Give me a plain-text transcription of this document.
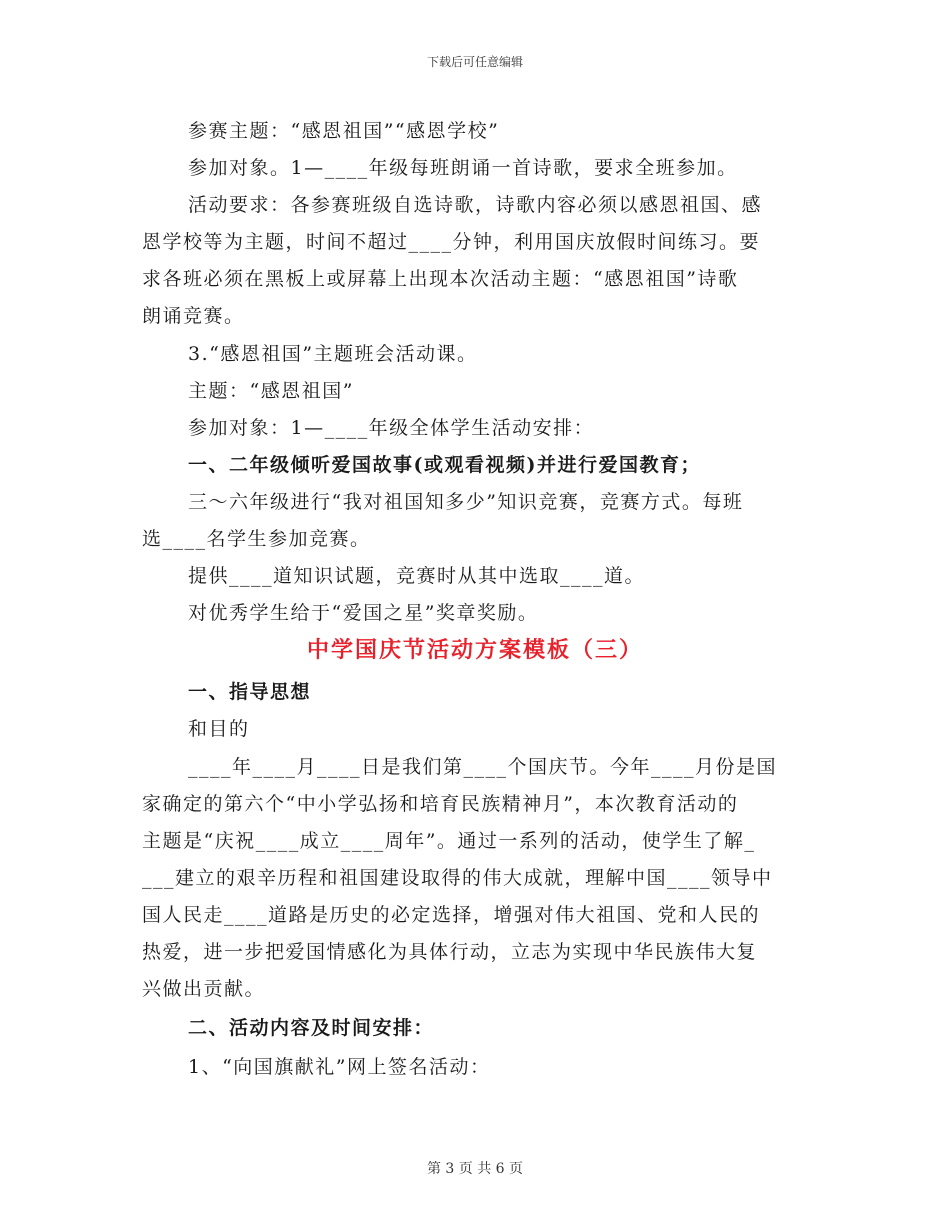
下载后可任意编辑
参赛主题：“感恩祖国”“感恩学校”
参加对象。1—____年级每班朗诵一首诗歌，要求全班参加。
活动要求：各参赛班级自选诗歌，诗歌内容必须以感恩祖国、感
恩学校等为主题，时间不超过____分钟，利用国庆放假时间练习。要
求各班必须在黑板上或屏幕上出现本次活动主题：“感恩祖国”诗歌
朗诵竞赛。
3.“感恩祖国”主题班会活动课。
主题：“感恩祖国”
参加对象：1—____年级全体学生活动安排：
一、二年级倾听爱国故事(或观看视频)并进行爱国教育；
三～六年级进行“我对祖国知多少”知识竞赛，竞赛方式。每班
选____名学生参加竞赛。
提供____道知识试题，竞赛时从其中选取____道。
对优秀学生给于“爱国之星”奖章奖励。
中学国庆节活动方案模板（三）
一、指导思想
和目的
____年____月____日是我们第____个国庆节。今年____月份是国
家确定的第六个“中小学弘扬和培育民族精神月”，本次教育活动的
主题是“庆祝____成立____周年”。通过一系列的活动，使学生了解_
___建立的艰辛历程和祖国建设取得的伟大成就，理解中国____领导中
国人民走____道路是历史的必定选择，增强对伟大祖国、党和人民的
热爱，进一步把爱国情感化为具体行动，立志为实现中华民族伟大复
兴做出贡献。
二、活动内容及时间安排：
1、“向国旗献礼”网上签名活动：
第 3 页 共 6 页
